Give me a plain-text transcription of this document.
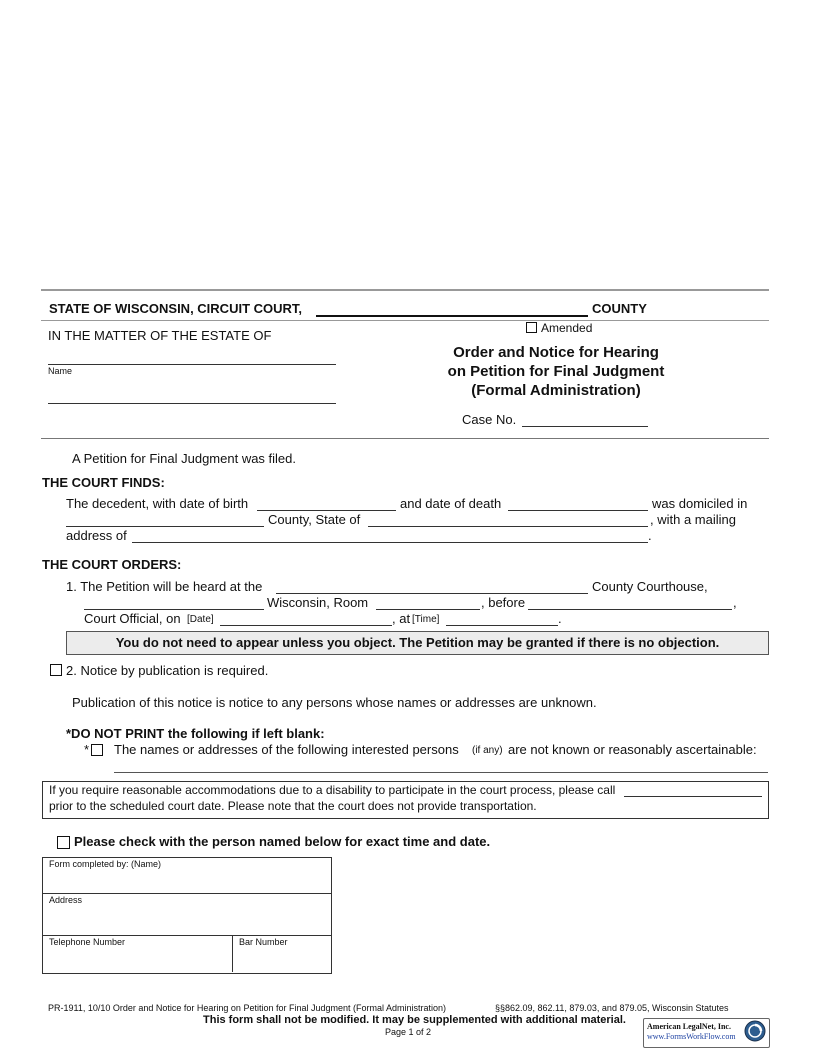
STATE OF WISCONSIN, CIRCUIT COURT,	COUNTY
IN THE MATTER OF THE ESTATE OF
Name
Amended
Order and Notice for Hearing
on Petition for Final Judgment
(Formal Administration)
Case No.
A Petition for Final Judgment was filed.
THE COURT FINDS:
The decedent, with date of birth	and date of death	was domiciled in
County, State of	, with a mailing
address of	.
THE COURT ORDERS:
1. The Petition will be heard at the	County Courthouse,
Wisconsin, Room	, before	,
Court Official, on [Date]	, at [Time]	.
You do not need to appear unless you object. The Petition may be granted if there is no objection.
2. Notice by publication is required.
Publication of this notice is notice to any persons whose names or addresses are unknown.
*DO NOT PRINT the following if left blank:
* The names or addresses of the following interested persons (if any) are not known or reasonably ascertainable:
If you require reasonable accommodations due to a disability to participate in the court process, please call
prior to the scheduled court date. Please note that the court does not provide transportation.
Please check with the person named below for exact time and date.
Form completed by: (Name)
Address
Telephone Number	Bar Number
PR-1911, 10/10 Order and Notice for Hearing on Petition for Final Judgment (Formal Administration)	§§862.09, 862.11, 879.03, and 879.05, Wisconsin Statutes
This form shall not be modified. It may be supplemented with additional material.
Page 1 of 2
American LegalNet, Inc.
www.FormsWorkFlow.com
